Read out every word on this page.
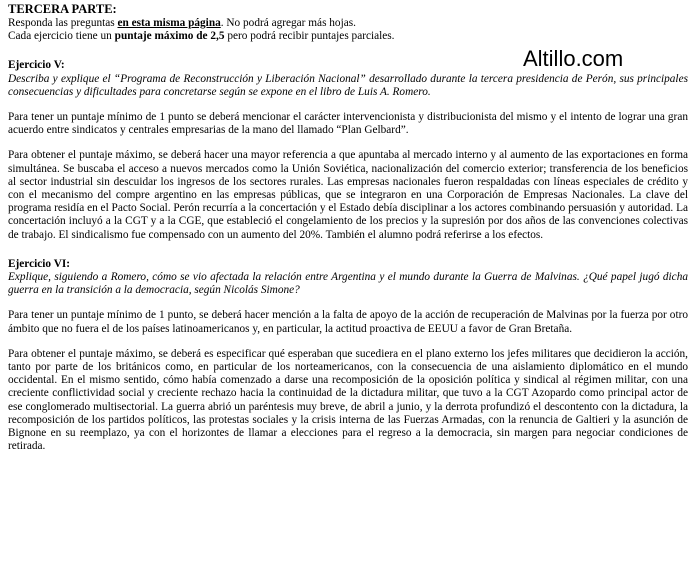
TERCERA PARTE:

Responda las preguntas en esta misma página. No podrá agregar más hojas.

Cada ejercicio tiene un puntaje máximo de 2,5 pero podrá recibir puntajes parciales.

Ejercicio V:

Describa y explique el “Programa de Reconstrucción y Liberación Nacional” desarrollado durante la tercera presidencia de Perón, sus principales consecuencias y dificultades para concretarse según se expone en el libro de Luis A. Romero.

Para tener un puntaje mínimo de 1 punto se deberá mencionar el carácter intervencionista y distribucionista del mismo y el intento de lograr una gran acuerdo entre sindicatos y centrales empresarias de la mano del llamado “Plan Gelbard”.

Para obtener el puntaje máximo, se deberá hacer una mayor referencia a que apuntaba al mercado interno y al aumento de las exportaciones en forma simultánea. Se buscaba el acceso a nuevos mercados como la Unión Soviética, nacionalización del comercio exterior; transferencia de los beneficios al sector industrial sin descuidar los ingresos de los sectores rurales. Las empresas nacionales fueron respaldadas con líneas especiales de crédito y con el mecanismo del compre argentino en las empresas públicas, que se integraron en una Corporación de Empresas Nacionales. La clave del programa residía en el Pacto Social. Perón recurría a la concertación y el Estado debía disciplinar a los actores combinando persuasión y autoridad. La concertación incluyó a la CGT y a la CGE, que estableció el congelamiento de los precios y la supresión por dos años de las convenciones colectivas de trabajo. El sindicalismo fue compensado con un aumento del 20%. También el alumno podrá referirse a los efectos.

Ejercicio VI:

Explique, siguiendo a Romero, cómo se vio afectada la relación entre Argentina y el mundo durante la Guerra de Malvinas. ¿Qué papel jugó dicha guerra en la transición a la democracia, según Nicolás Simone?

Para tener un puntaje mínimo de 1 punto, se deberá hacer mención a la falta de apoyo de la acción de recuperación de Malvinas por la fuerza por otro ámbito que no fuera el de los países latinoamericanos y, en particular, la actitud proactiva de EEUU a favor de Gran Bretaña.

Para obtener el puntaje máximo, se deberá es especificar qué esperaban que sucediera en el plano externo los jefes militares que decidieron la acción, tanto por parte de los británicos como, en particular de los norteamericanos, con la consecuencia de una aislamiento diplomático en el mundo occidental. En el mismo sentido, cómo había comenzado a darse una recomposición de la oposición política y sindical al régimen militar, con una creciente conflictividad social y creciente rechazo hacia la continuidad de la dictadura militar, que tuvo a la CGT Azopardo como principal actor de ese conglomerado multisectorial. La guerra abrió un paréntesis muy breve, de abril a junio, y la derrota profundizó el descontento con la dictadura, la recomposición de los partidos políticos, las protestas sociales y la crisis interna de las Fuerzas Armadas, con la renuncia de Galtieri y la asunción de Bignone en su reemplazo, ya con el horizontes de llamar a elecciones para el regreso a la democracia, sin margen para negociar condiciones de retirada.

Altillo.com
